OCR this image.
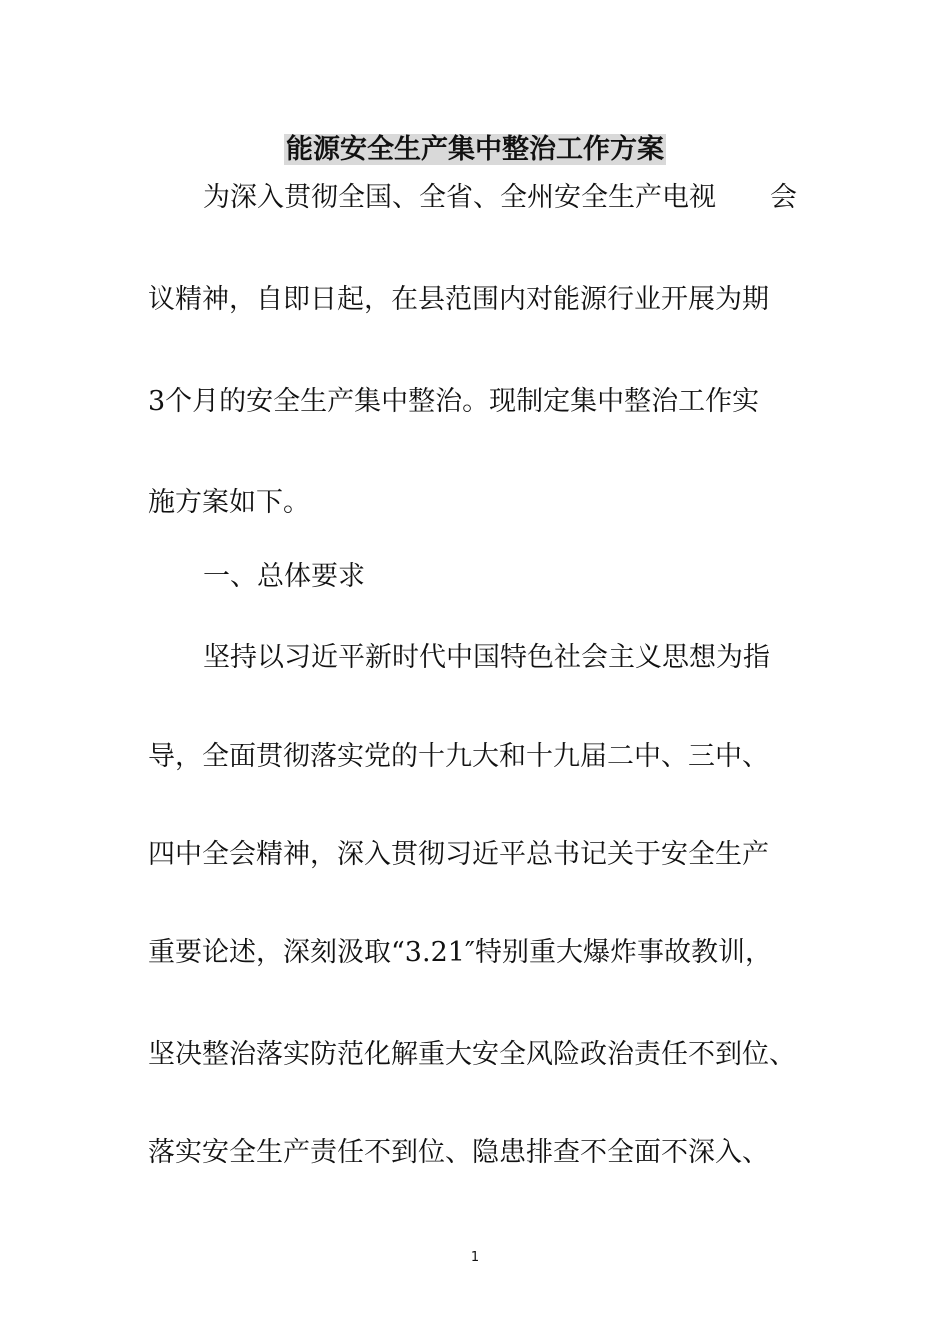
能源安全生产集中整治工作方案
为深入贯彻全国、全省、全州安全生产电视　　会
议精神，自即日起，在县范围内对能源行业开展为期
3个月的安全生产集中整治。现制定集中整治工作实
施方案如下。
一、总体要求
坚持以习近平新时代中国特色社会主义思想为指
导，全面贯彻落实党的十九大和十九届二中、三中、
四中全会精神，深入贯彻习近平总书记关于安全生产
重要论述，深刻汲取“3.21″特别重大爆炸事故教训，
坚决整治落实防范化解重大安全风险政治责任不到位、
落实安全生产责任不到位、隐患排查不全面不深入、
1
